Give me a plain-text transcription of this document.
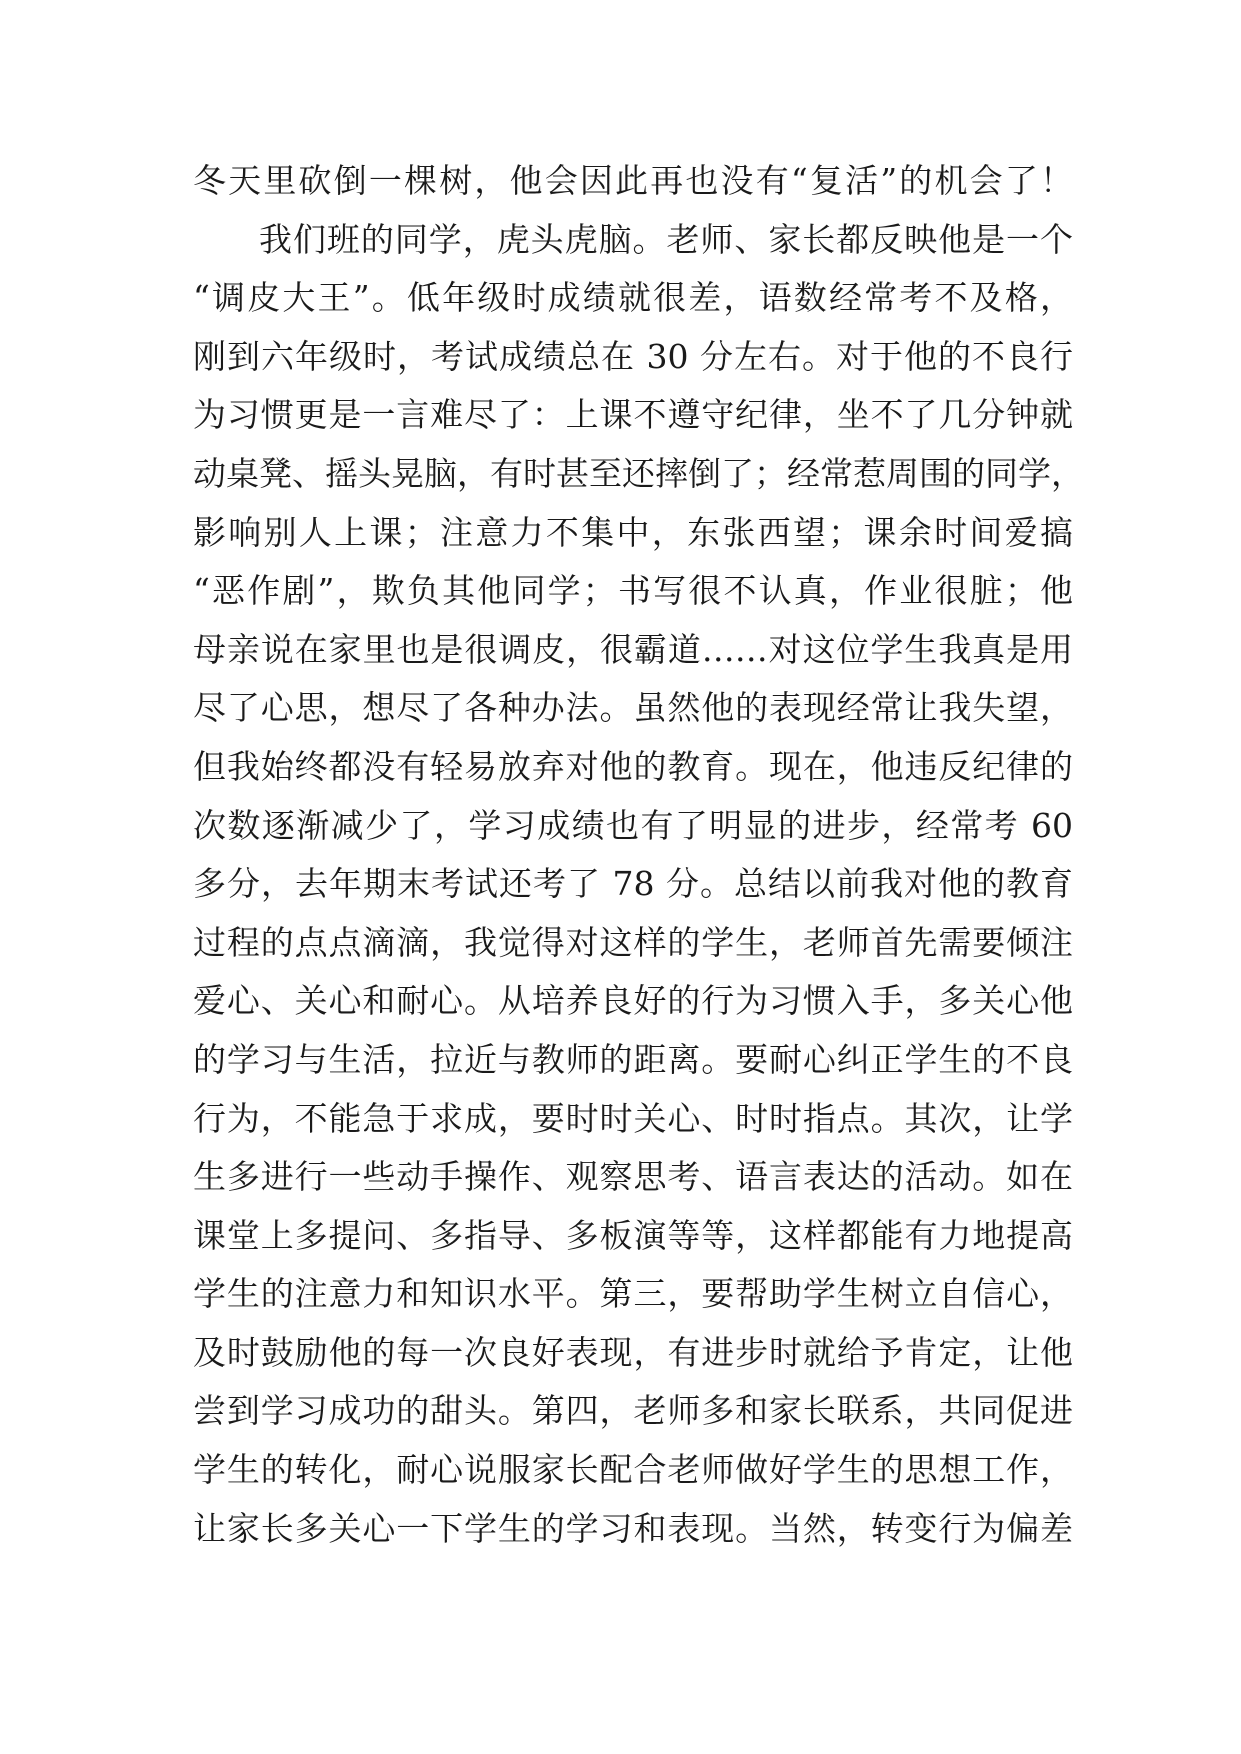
冬天里砍倒一棵树，他会因此再也没有“复活”的机会了！
我们班的同学，虎头虎脑。老师、家长都反映他是一个
“调皮大王”。低年级时成绩就很差，语数经常考不及格，
刚到六年级时，考试成绩总在 30 分左右。对于他的不良行
为习惯更是一言难尽了：上课不遵守纪律，坐不了几分钟就
动桌凳、摇头晃脑，有时甚至还摔倒了；经常惹周围的同学，
影响别人上课；注意力不集中，东张西望；课余时间爱搞
“恶作剧”，欺负其他同学；书写很不认真，作业很脏；他
母亲说在家里也是很调皮，很霸道……对这位学生我真是用
尽了心思，想尽了各种办法。虽然他的表现经常让我失望，
但我始终都没有轻易放弃对他的教育。现在，他违反纪律的
次数逐渐减少了，学习成绩也有了明显的进步，经常考 60
多分，去年期末考试还考了 78 分。总结以前我对他的教育
过程的点点滴滴，我觉得对这样的学生，老师首先需要倾注
爱心、关心和耐心。从培养良好的行为习惯入手，多关心他
的学习与生活，拉近与教师的距离。要耐心纠正学生的不良
行为，不能急于求成，要时时关心、时时指点。其次，让学
生多进行一些动手操作、观察思考、语言表达的活动。如在
课堂上多提问、多指导、多板演等等，这样都能有力地提高
学生的注意力和知识水平。第三，要帮助学生树立自信心，
及时鼓励他的每一次良好表现，有进步时就给予肯定，让他
尝到学习成功的甜头。第四，老师多和家长联系，共同促进
学生的转化，耐心说服家长配合老师做好学生的思想工作，
让家长多关心一下学生的学习和表现。当然，转变行为偏差
